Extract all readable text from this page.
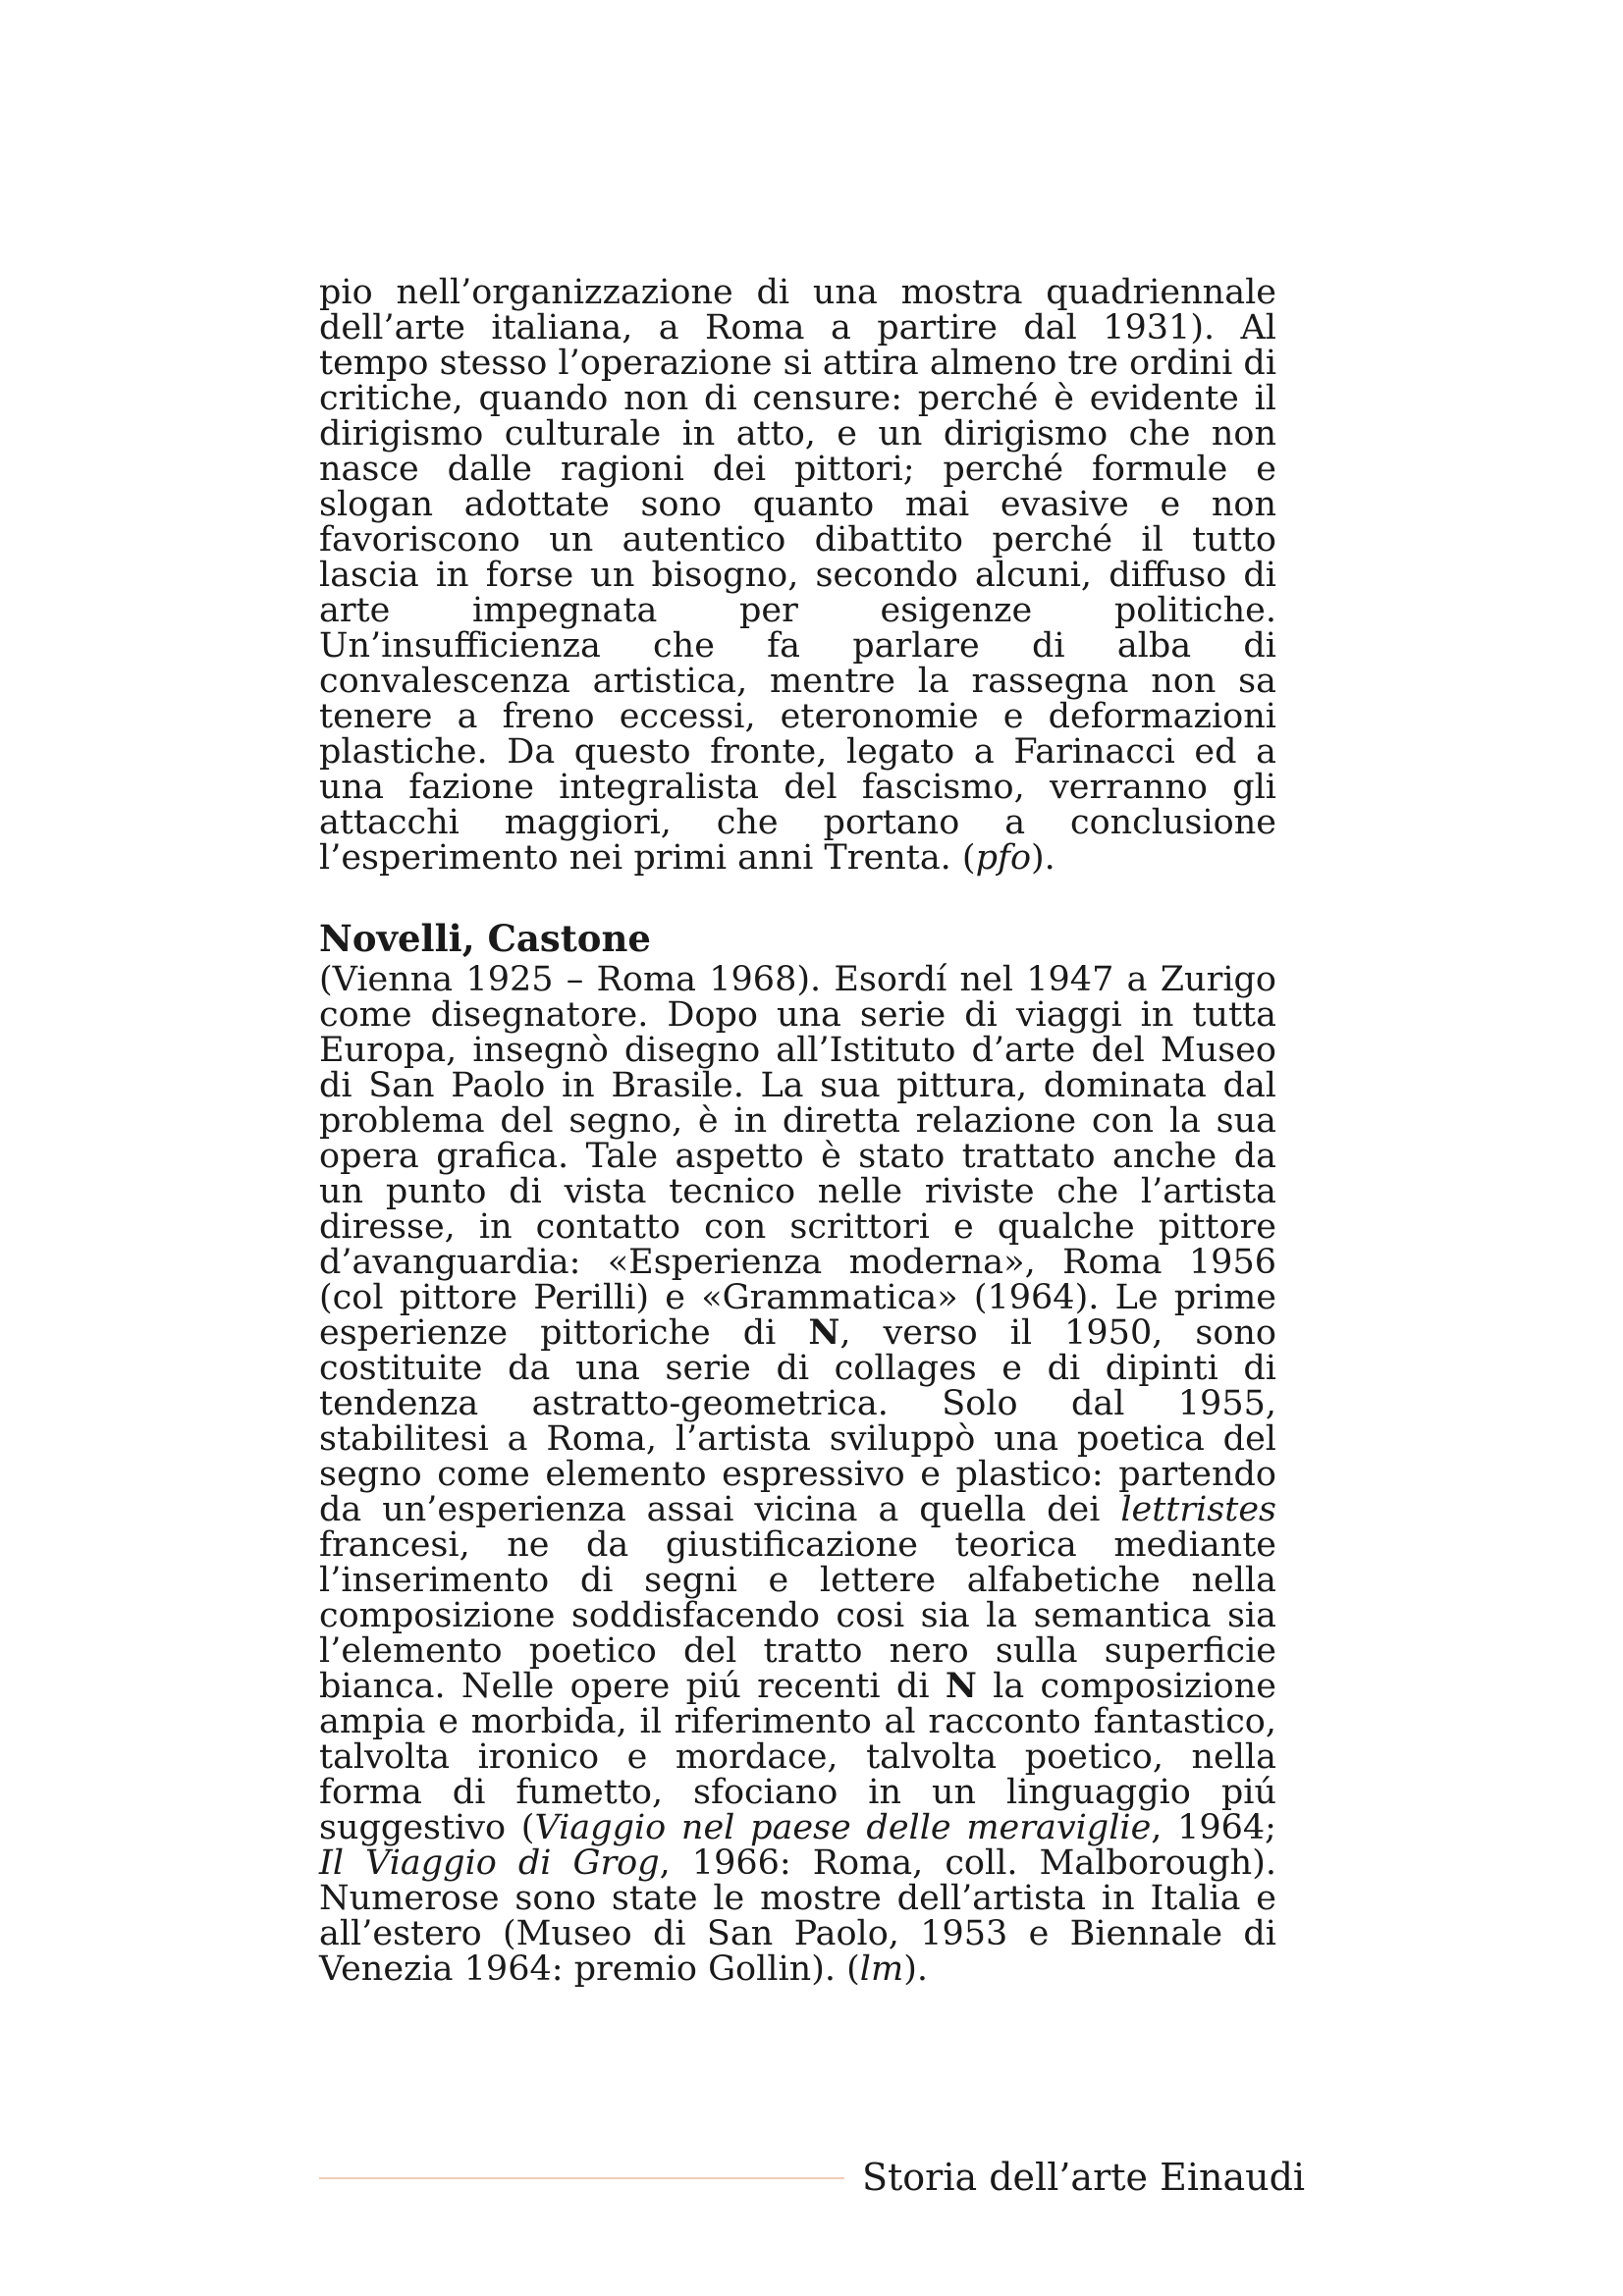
pio nell’organizzazione di una mostra quadriennale dell’arte italiana, a Roma a partire dal 1931). Al tempo stesso l’operazione si attira almeno tre ordini di critiche, quando non di censure: perché è evidente il dirigismo culturale in atto, e un dirigismo che non nasce dalle ragioni dei pittori; perché formule e slogan adottate sono quanto mai evasive e non favoriscono un autentico dibattito perché il tutto lascia in forse un bisogno, secondo alcuni, diffuso di arte impegnata per esigenze politiche. Un’insufficienza che fa parlare di alba di convalescenza artistica, mentre la rassegna non sa tenere a freno eccessi, eteronomie e deformazioni plastiche. Da questo fronte, legato a Farinacci ed a una fazione integralista del fascismo, verranno gli attacchi maggiori, che portano a conclusione l’esperimento nei primi anni Trenta. (pfo).

Novelli, Castone

(Vienna 1925 – Roma 1968). Esordí nel 1947 a Zurigo come disegnatore. Dopo una serie di viaggi in tutta Europa, insegnò disegno all’Istituto d’arte del Museo di San Paolo in Brasile. La sua pittura, dominata dal problema del segno, è in diretta relazione con la sua opera grafica. Tale aspetto è stato trattato anche da un punto di vista tecnico nelle riviste che l’artista diresse, in contatto con scrittori e qualche pittore d’avanguardia: «Esperienza moderna», Roma 1956 (col pittore Perilli) e «Grammatica» (1964). Le prime esperienze pittoriche di N, verso il 1950, sono costituite da una serie di collages e di dipinti di tendenza astratto-geometrica. Solo dal 1955, stabilitesi a Roma, l’artista sviluppò una poetica del segno come elemento espressivo e plastico: partendo da un’esperienza assai vicina a quella dei lettristes francesi, ne da giustificazione teorica mediante l’inserimento di segni e lettere alfabetiche nella composizione soddisfacendo cosi sia la semantica sia l’elemento poetico del tratto nero sulla superficie bianca. Nelle opere piú recenti di N la composizione ampia e morbida, il riferimento al racconto fantastico, talvolta ironico e mordace, talvolta poetico, nella forma di fumetto, sfociano in un linguaggio piú suggestivo (Viaggio nel paese delle meraviglie, 1964; Il Viaggio di Grog, 1966: Roma, coll. Malborough). Numerose sono state le mostre dell’artista in Italia e all’estero (Museo di San Paolo, 1953 e Biennale di Venezia 1964: premio Gollin). (lm).

Storia dell’arte Einaudi
